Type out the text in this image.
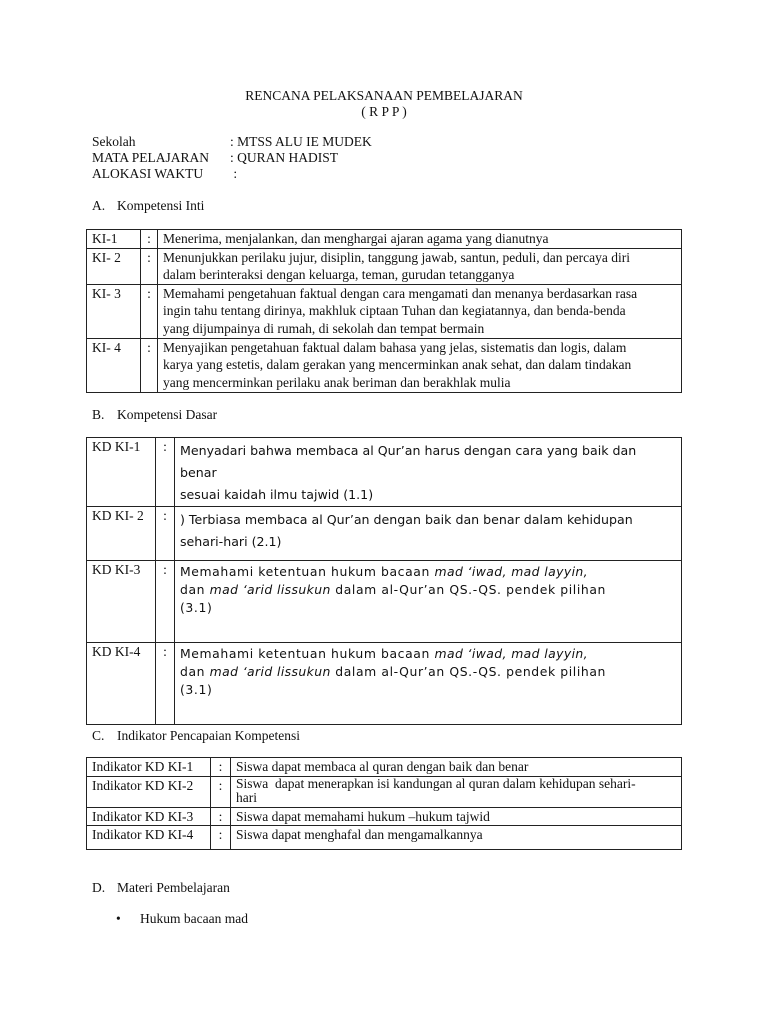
RENCANA PELAKSANAAN PEMBELAJARAN
( R P P )
Sekolah	: MTSS ALU IE MUDEK
MATA PELAJARAN : QURAN HADIST
ALOKASI WAKTU :
A. Kompetensi Inti
KI-1	:	Menerima, menjalankan, dan menghargai ajaran agama yang dianutnya

KI- 2	:	Menunjukkan perilaku jujur, disiplin, tanggung jawab, santun, peduli, dan percaya diri
dalam berinteraksi dengan keluarga, teman, gurudan tetangganya

KI- 3	:	Memahami pengetahuan faktual dengan cara mengamati dan menanya berdasarkan rasa
ingin tahu tentang dirinya, makhluk ciptaan Tuhan dan kegiatannya, dan benda-benda
yang dijumpainya di rumah, di sekolah dan tempat bermain

KI- 4	:	Menyajikan pengetahuan faktual dalam bahasa yang jelas, sistematis dan logis, dalam
karya yang estetis, dalam gerakan yang mencerminkan anak sehat, dan dalam tindakan
yang mencerminkan perilaku anak beriman dan berakhlak mulia
B. Kompetensi Dasar
KD KI-1	:	Menyadari bahwa membaca al Qur’an harus dengan cara yang baik dan benar
sesuai kaidah ilmu tajwid (1.1)

KD KI- 2	:	) Terbiasa membaca al Qur’an dengan baik dan benar dalam kehidupan
sehari-hari (2.1)

KD KI-3	:	Memahami ketentuan hukum bacaan mad ‘iwad, mad layyin,
dan mad ‘arid lissukun dalam al-Qur’an QS.-QS. pendek pilihan
(3.1)

KD KI-4	:	Memahami ketentuan hukum bacaan mad ‘iwad, mad layyin,
dan mad ‘arid lissukun dalam al-Qur’an QS.-QS. pendek pilihan
(3.1)
C. Indikator Pencapaian Kompetensi
Indikator KD KI-1	:	Siswa dapat membaca al quran dengan baik dan benar

Indikator KD KI-2	:	Siswa  dapat menerapkan isi kandungan al quran dalam kehidupan sehari-
hari

Indikator KD KI-3	:	Siswa dapat memahami hukum –hukum tajwid

Indikator KD KI-4	:	Siswa dapat menghafal dan mengamalkannya
D. Materi Pembelajaran
• Hukum bacaan mad
